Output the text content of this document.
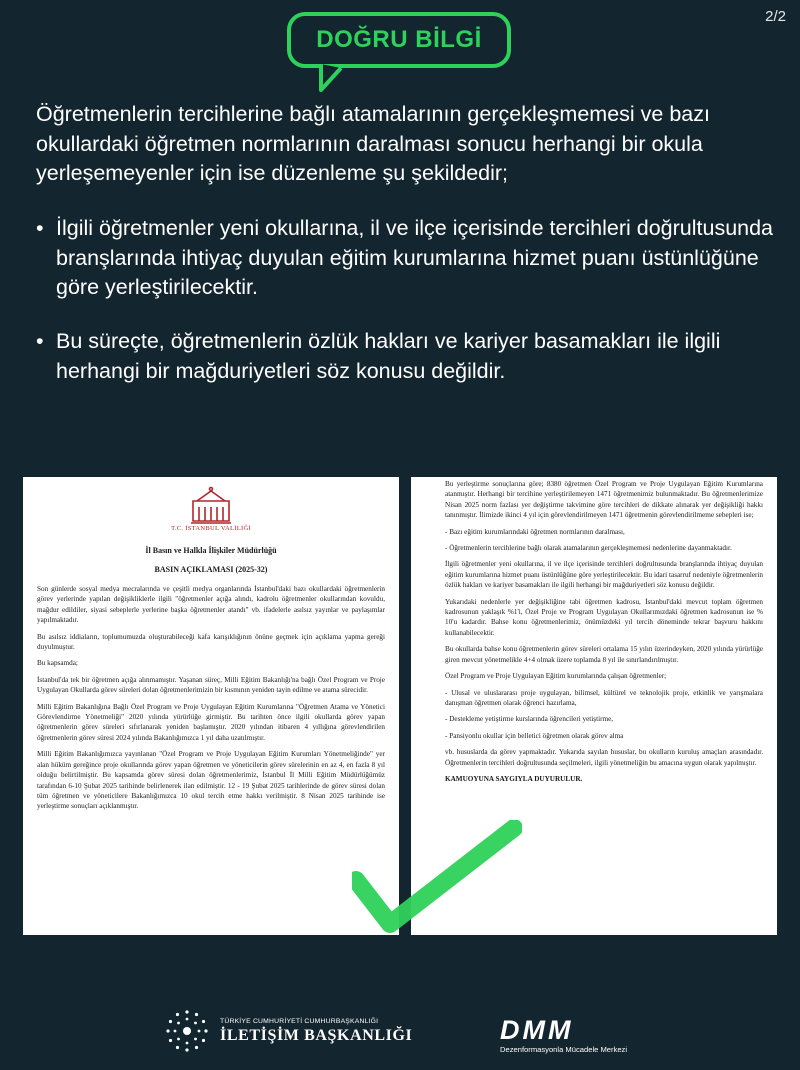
2/2
DOĞRU BİLGİ
Öğretmenlerin tercihlerine bağlı atamalarının gerçekleşmemesi ve bazı okullardaki öğretmen normlarının daralması sonucu herhangi bir okula yerleşemeyenler için ise düzenleme şu şekildedir;
• İlgili öğretmenler yeni okullarına, il ve ilçe içerisinde tercihleri doğrultusunda branşlarında ihtiyaç duyulan eğitim kurumlarına hizmet puanı üstünlüğüne göre yerleştirilecektir.
• Bu süreçte, öğretmenlerin özlük hakları ve kariyer basamakları ile ilgili herhangi bir mağduriyetleri söz konusu değildir.
T.C. İSTANBUL VALİLİĞİ
İl Basın ve Halkla İlişkiler Müdürlüğü
BASIN AÇIKLAMASI (2025-32)

Son günlerde sosyal medya mecralarında ve çeşitli medya organlarında İstanbul'daki bazı okullardaki öğretmenlerin görev yerlerinde yapılan değişikliklerle ilgili "öğretmenler açığa alındı, kadrolu öğretmenler okullarından kovuldu, mağdur edildiler, siyasi sebeplerle yerlerine başka öğretmenler atandı" vb. ifadelerle asılsız yayınlar ve paylaşımlar yapılmaktadır.

Bu asılsız iddiaların, toplumumuzda oluşturabileceği kafa karışıklığının önüne geçmek için açıklama yapma gereği duyulmuştur.

Bu kapsamda;

İstanbul'da tek bir öğretmen açığa alınmamıştır. Yaşanan süreç, Milli Eğitim Bakanlığı'na bağlı Özel Program ve Proje Uygulayan Okullarda görev süreleri dolan öğretmenlerimizin bir kısmının yeniden tayin edilme ve atama sürecidir.

Milli Eğitim Bakanlığına Bağlı Özel Program ve Proje Uygulayan Eğitim Kurumlarına "Öğretmen Atama ve Yönetici Görevlendirme Yönetmeliği" 2020 yılında yürürlüğe girmiştir. Bu tarihten önce ilgili okullarda görev yapan öğretmenlerin görev süreleri sıfırlanarak yeniden başlamıştır. 2020 yılından itibaren 4 yıllığına görevlendirilen öğretmenlerin görev süresi 2024 yılında Bakanlığımızca 1 yıl daha uzatılmıştır.

Milli Eğitim Bakanlığımızca yayınlanan "Özel Program ve Proje Uygulayan Eğitim Kurumları Yönetmeliğinde" yer alan hüküm gereğince proje okullarında görev yapan öğretmen ve yöneticilerin görev sürelerinin en az 4, en fazla 8 yıl olduğu belirtilmiştir. Bu kapsamda görev süresi dolan öğretmenlerimiz, İstanbul İl Milli Eğitim Müdürlüğümüz tarafından 6-10 Şubat 2025 tarihinde belirlenerek ilan edilmiştir. 12 - 19 Şubat 2025 tarihlerinde de görev süresi dolan tüm öğretmen ve yöneticilere Bakanlığımızca 10 okul tercih etme hakkı verilmiştir. 8 Nisan 2025 tarihinde ise yerleştirme sonuçları açıklanmıştır.

Bu yerleştirme sonuçlarına göre; 8380 öğretmen Özel Program ve Proje Uygulayan Eğitim Kurumlarına atanmıştır. Herhangi bir tercihine yerleştirilemeyen 1471 öğretmenimiz bulunmaktadır. Bu öğretmenlerimize Nisan 2025 norm fazlası yer değiştirme takvimine göre tercihleri de dikkate alınarak yer değişikliği hakkı tanınmıştır. İlimizde ikinci 4 yıl için görevlendirilmeyen 1471 öğretmenin görevlendirilmeme sebepleri ise;

- Bazı eğitim kurumlarındaki öğretmen normlarının daralması,

- Öğretmenlerin tercihlerine bağlı olarak atamalarının gerçekleşmemesi nedenlerine dayanmaktadır.

İlgili öğretmenler yeni okullarına, il ve ilçe içerisinde tercihleri doğrultusunda branşlarında ihtiyaç duyulan eğitim kurumlarına hizmet puanı üstünlüğüne göre yerleştirilecektir. Bu idari tasarruf nedeniyle öğretmenlerin özlük hakları ve kariyer basamakları ile ilgili herhangi bir mağduriyetleri söz konusu değildir.

Yukarıdaki nedenlerle yer değişikliğine tabi öğretmen kadrosu, İstanbul'daki mevcut toplam öğretmen kadrosunun yaklaşık %1'i, Özel Proje ve Program Uygulayan Okullarımızdaki öğretmen kadrosunun ise % 10'u kadardır. Bahse konu öğretmenlerimiz, önümüzdeki yıl tercih döneminde tekrar başvuru hakkını kullanabilecektir.

Bu okullarda bahse konu öğretmenlerin görev süreleri ortalama 15 yılın üzerindeyken, 2020 yılında yürürlüğe giren mevcut yönetmelikle 4+4 olmak üzere toplamda 8 yıl ile sınırlandırılmıştır.

Özel Program ve Proje Uygulayan Eğitim kurumlarında çalışan öğretmenler;

- Ulusal ve uluslararası proje uygulayan, bilimsel, kültürel ve teknolojik proje, etkinlik ve yarışmalara danışman öğretmen olarak öğrenci hazırlama,

- Destekleme yetiştirme kurslarında öğrencileri yetiştirme,

- Pansiyonlu okullar için belletici öğretmen olarak görev alma

vb. hususlarda da görev yapmaktadır. Yukarıda sayılan hususlar, bu okulların kuruluş amaçları arasındadır. Öğretmenlerin tercihleri doğrultusunda seçilmeleri, ilgili yönetmeliğin bu amacına uygun olarak yapılmıştır.

KAMUOYUNA SAYGIYLA DUYURULUR.

TÜRKİYE CUMHURİYETİ CUMHURBAŞKANLIĞI
İLETİŞİM BAŞKANLIĞI	DMM
Dezenformasyonla Mücadele Merkezi
